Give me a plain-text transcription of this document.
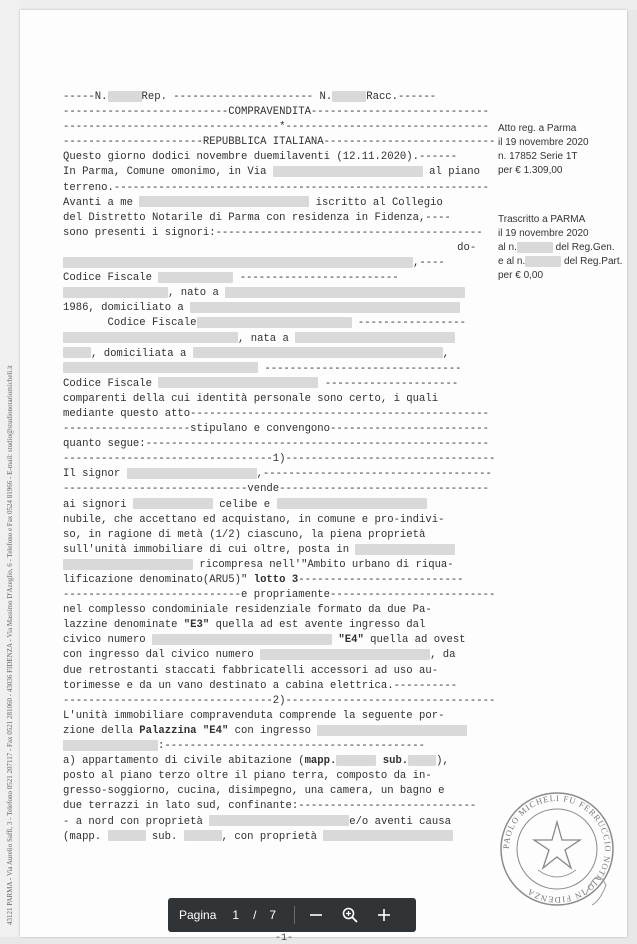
43121 PARMA - Via Aurelio Saffi, 3 - Telefono 0521 207117 - Fax 0521 281060 - 43036 FIDENZA - Via Massimo D'Azeglio, 6 - Telefono e Fax 0524 81966 - E-mail: studio@studionotariomicheli.it
-----N.	Rep. ---------------------- N.	Racc.------
--------------------------COMPRAVENDITA----------------------------
----------------------------------*--------------------------------
----------------------REPUBBLICA ITALIANA---------------------------
Questo giorno dodici novembre duemilaventi (12.11.2020).------
In Parma, Comune omonimo, in Via	al piano
terreno.-----------------------------------------------------------
Avanti a me	iscritto al Collegio
del Distretto Notarile di Parma con residenza in Fidenza,----
sono presenti i signori:------------------------------------------
do-
,----
Codice Fiscale	-------------------------
, nato a
1986, domiciliato a
Codice Fiscale	-----------------
, nata a
, domiciliata a	,
-------------------------------
Codice Fiscale	---------------------
comparenti della cui identità personale sono certo, i quali
mediante questo atto-----------------------------------------------
--------------------stipulano e convengono-------------------------
quanto segue:------------------------------------------------------
---------------------------------1)---------------------------------
Il signor	,------------------------------------
-----------------------------vende---------------------------------
ai signori	celibe e
nubile, che accettano ed acquistano, in comune e pro-indivi-
so, in ragione di metà (1/2) ciascuno, la piena proprietà
sull'unità immobiliare di cui oltre, posta in
ricompresa nell'"Ambito urbano di riqua-
lificazione denominato(ARU5)" lotto 3--------------------------
----------------------------e propriamente--------------------------
nel complesso condominiale residenziale formato da due Pa-
lazzine denominate "E3" quella ad est avente ingresso dal
civico numero	"E4" quella ad ovest
con ingresso dal civico numero	, da
due retrostanti staccati fabbricatelli accessori ad uso au-
torimesse e da un vano destinato a cabina elettrica.----------
---------------------------------2)---------------------------------
L'unità immobiliare compravenduta comprende la seguente por-
zione della Palazzina "E4" con ingresso
:-----------------------------------------
a) appartamento di civile abitazione (mapp.	sub.	),
posto al piano terzo oltre il piano terra, composto da in-
gresso-soggiorno, cucina, disimpegno, una camera, un bagno e
due terrazzi in lato sud, confinante:----------------------------
- a nord con proprietà	e/o aventi causa
(mapp.	sub.	, con proprietà
Atto reg. a Parma
il 19 novembre 2020
n. 17852 Serie 1T
per € 1.309,00
Trascritto a PARMA
il 19 novembre 2020
al n.	del Reg.Gen.
e al n.	del Reg.Part.
per € 0,00
PAOLO MICHELI FU FERRUCCIO NOTAIO IN FIDENZA
-1-
Pagina 1 / 7
